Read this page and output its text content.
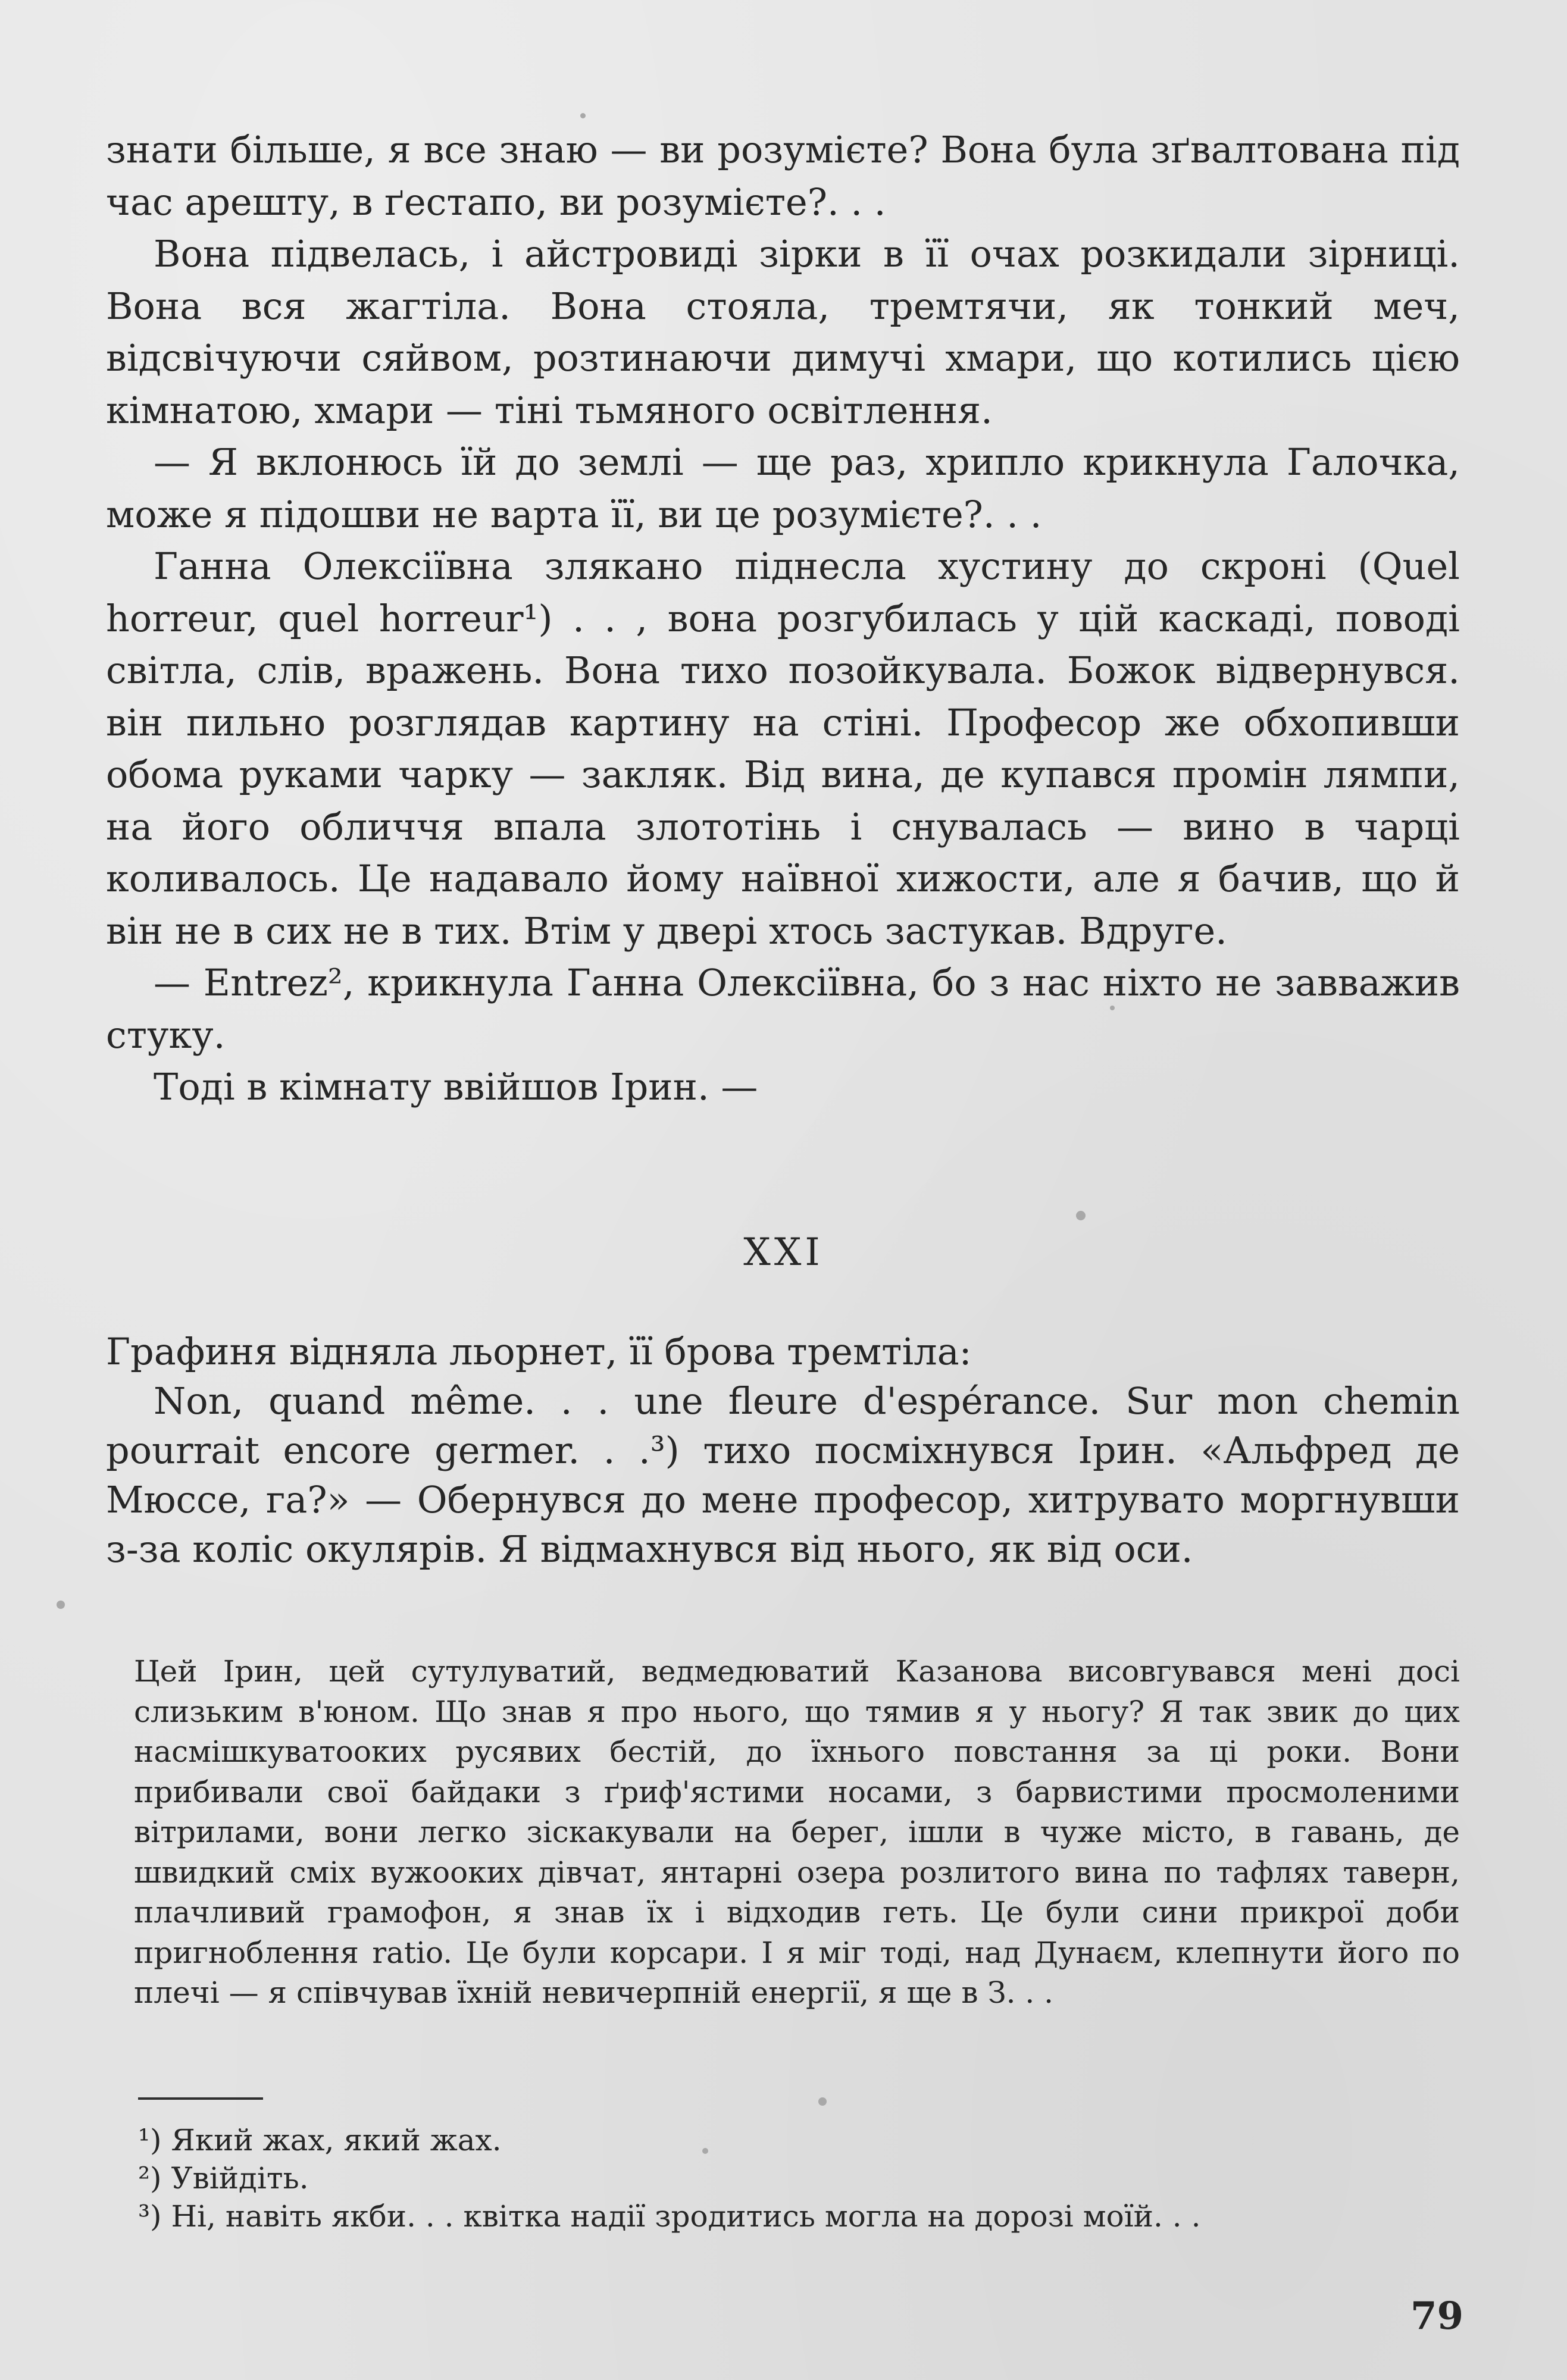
знати більше, я все знаю — ви розумієте? Вона була зґвалтована під час арешту, в ґестапо, ви розумієте?. . .

Вона підвелась, і айстровиді зірки в її очах розкидали зірниці. Вона вся жагтіла. Вона стояла, тремтячи, як тонкий меч, відсвічуючи сяйвом, розтинаючи димучі хмари, що котились цією кімнатою, хмари — тіні тьмяного освітлення.

— Я вклонюсь їй до землі — ще раз, хрипло крикнула Галочка, може я підошви не варта її, ви це розумієте?. . .

Ганна Олексіївна злякано піднесла хустину до скроні (Quel horreur, quel horreur¹) . . , вона розгубилась у цій каскаді, поводі світла, слів, вражень. Вона тихо позойкувала. Божок відвернувся. він пильно розглядав картину на стіні. Професор же обхопивши обома руками чарку — закляк. Від вина, де купався промін лямпи, на його обличчя впала злототінь і снувалась — вино в чарці коливалось. Це надавало йому наївної хижости, але я бачив, що й він не в сих не в тих. Втім у двері хтось застукав. Вдруге.

— Entrez², крикнула Ганна Олексіївна, бо з нас ніхто не завважив стуку.

Тоді в кімнату ввійшов Ірин. —

XXI

Графиня відняла льорнет, її брова тремтіла:

Non, quand même. . . une fleure d'espérance. Sur mon chemin pourrait encore germer. . .³) тихо посміхнувся Ірин. «Альфред де Мюссе, га?» — Обернувся до мене професор, хитрувато моргнувши з-за коліс окулярів. Я відмахнувся від нього, як від оси.

Цей Ірин, цей сутулуватий, ведмедюватий Казанова висовгувався мені досі слизьким в'юном. Що знав я про нього, що тямив я у ньогу? Я так звик до цих насмішкуватооких русявих бестій, до їхнього повстання за ці роки. Вони прибивали свої байдаки з ґриф'ястими носами, з барвистими просмоленими вітрилами, вони легко зіскакували на берег, ішли в чуже місто, в гавань, де швидкий сміх вужооких дівчат, янтарні озера розлитого вина по тафлях таверн, плачливий грамофон, я знав їх і відходив геть. Це були сини прикрої доби пригноблення ratio. Це були корсари. І я міг тоді, над Дунаєм, клепнути його по плечі — я співчував їхній невичерпній енергії, я ще в З. . .

¹) Який жах, який жах.
²) Увійдіть.
³) Ні, навіть якби. . . квітка надії зродитись могла на дорозі моїй. . .
79
